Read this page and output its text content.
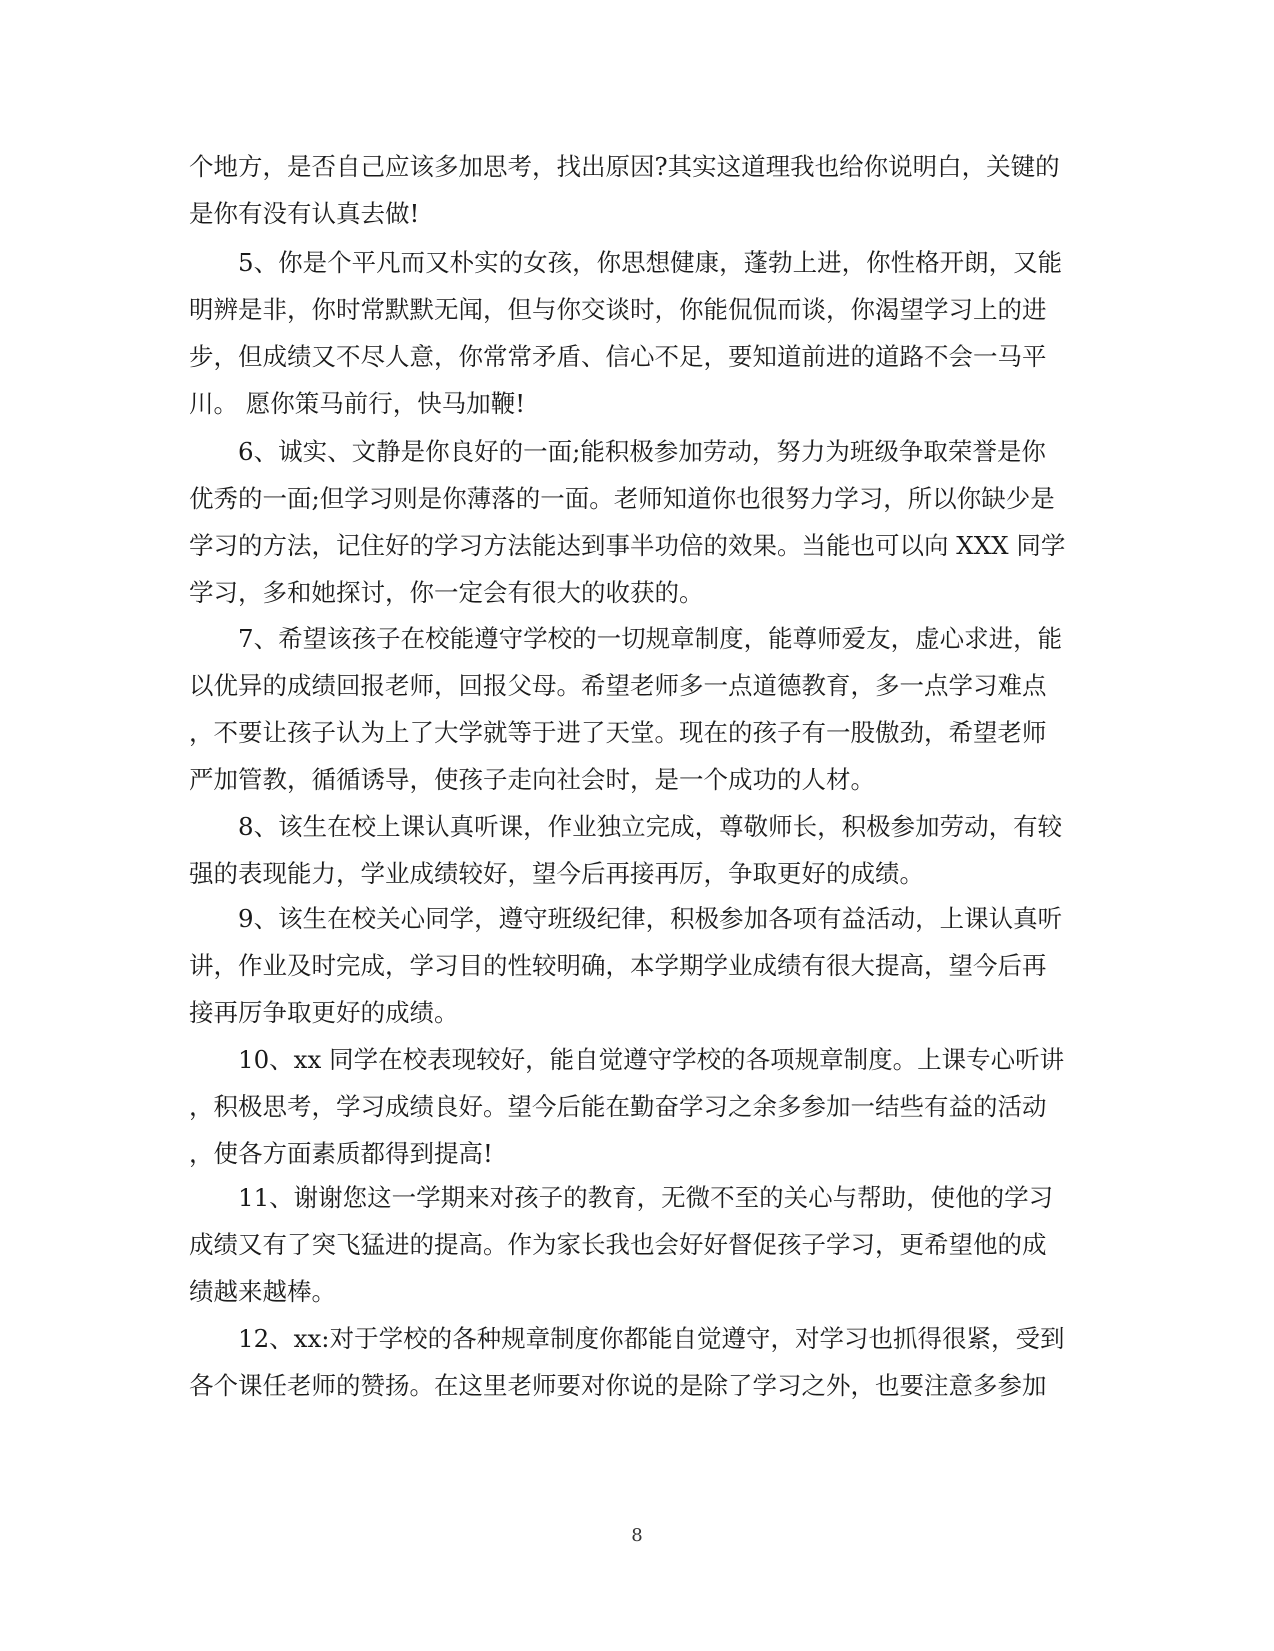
个地方，是否自己应该多加思考，找出原因?其实这道理我也给你说明白，关键的
是你有没有认真去做!
5、你是个平凡而又朴实的女孩，你思想健康，蓬勃上进，你性格开朗，又能
明辨是非，你时常默默无闻，但与你交谈时，你能侃侃而谈，你渴望学习上的进
步，但成绩又不尽人意，你常常矛盾、信心不足，要知道前进的道路不会一马平
川。 愿你策马前行，快马加鞭!
6、诚实、文静是你良好的一面;能积极参加劳动，努力为班级争取荣誉是你
优秀的一面;但学习则是你薄落的一面。老师知道你也很努力学习，所以你缺少是
学习的方法，记住好的学习方法能达到事半功倍的效果。当能也可以向 XXX 同学
学习，多和她探讨，你一定会有很大的收获的。
7、希望该孩子在校能遵守学校的一切规章制度，能尊师爱友，虚心求进，能
以优异的成绩回报老师，回报父母。希望老师多一点道德教育，多一点学习难点
，不要让孩子认为上了大学就等于进了天堂。现在的孩子有一股傲劲，希望老师
严加管教，循循诱导，使孩子走向社会时，是一个成功的人材。
8、该生在校上课认真听课，作业独立完成，尊敬师长，积极参加劳动，有较
强的表现能力，学业成绩较好，望今后再接再厉，争取更好的成绩。
9、该生在校关心同学，遵守班级纪律，积极参加各项有益活动，上课认真听
讲，作业及时完成，学习目的性较明确，本学期学业成绩有很大提高，望今后再
接再厉争取更好的成绩。
10、xx 同学在校表现较好，能自觉遵守学校的各项规章制度。上课专心听讲
，积极思考，学习成绩良好。望今后能在勤奋学习之余多参加一结些有益的活动
，使各方面素质都得到提高!
11、谢谢您这一学期来对孩子的教育，无微不至的关心与帮助，使他的学习
成绩又有了突飞猛进的提高。作为家长我也会好好督促孩子学习，更希望他的成
绩越来越棒。
12、xx:对于学校的各种规章制度你都能自觉遵守，对学习也抓得很紧，受到
各个课任老师的赞扬。在这里老师要对你说的是除了学习之外，也要注意多参加
8
